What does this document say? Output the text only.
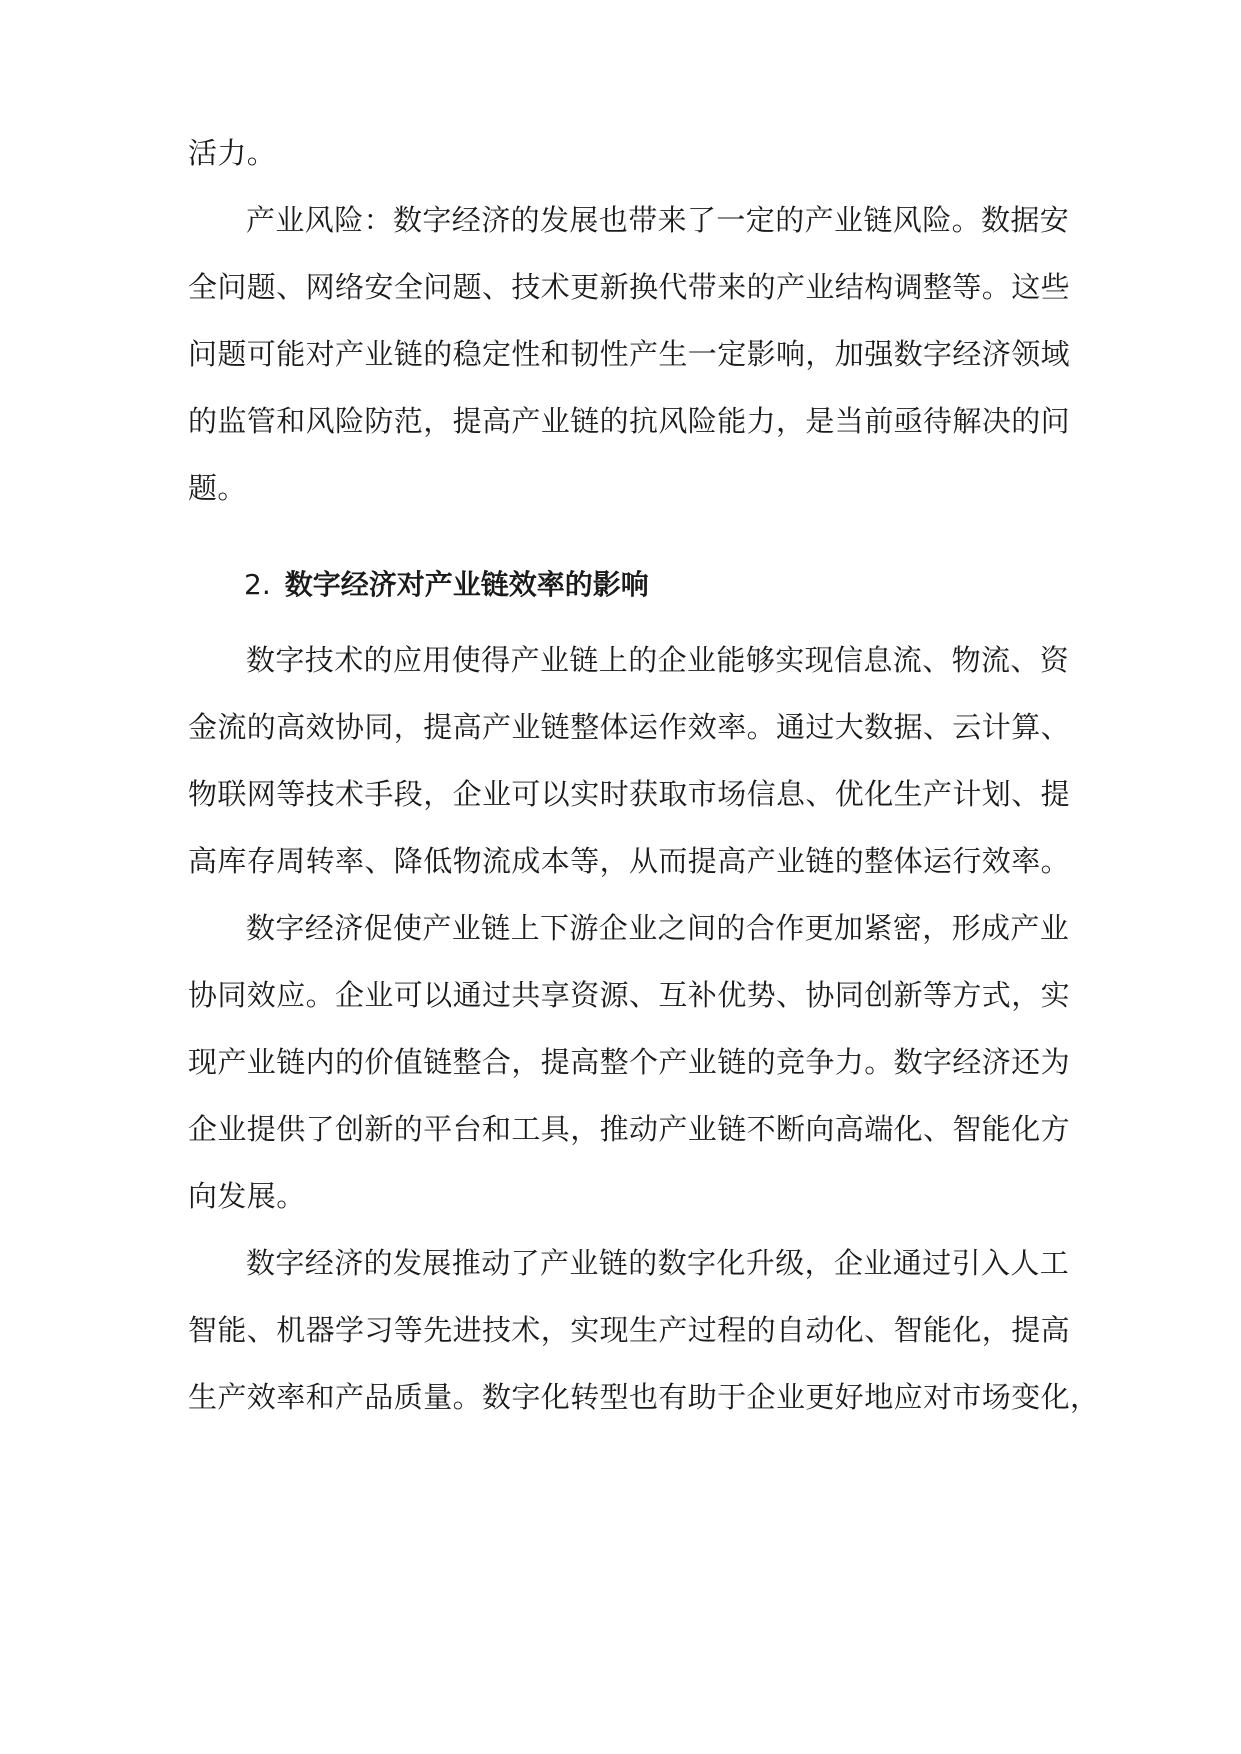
活力。
产业风险：数字经济的发展也带来了一定的产业链风险。数据安
全问题、网络安全问题、技术更新换代带来的产业结构调整等。这些
问题可能对产业链的稳定性和韧性产生一定影响，加强数字经济领域
的监管和风险防范，提高产业链的抗风险能力，是当前亟待解决的问
题。
2. 数字经济对产业链效率的影响
数字技术的应用使得产业链上的企业能够实现信息流、物流、资
金流的高效协同，提高产业链整体运作效率。通过大数据、云计算、
物联网等技术手段，企业可以实时获取市场信息、优化生产计划、提
高库存周转率、降低物流成本等，从而提高产业链的整体运行效率。
数字经济促使产业链上下游企业之间的合作更加紧密，形成产业
协同效应。企业可以通过共享资源、互补优势、协同创新等方式，实
现产业链内的价值链整合，提高整个产业链的竞争力。数字经济还为
企业提供了创新的平台和工具，推动产业链不断向高端化、智能化方
向发展。
数字经济的发展推动了产业链的数字化升级，企业通过引入人工
智能、机器学习等先进技术，实现生产过程的自动化、智能化，提高
生产效率和产品质量。数字化转型也有助于企业更好地应对市场变化，
